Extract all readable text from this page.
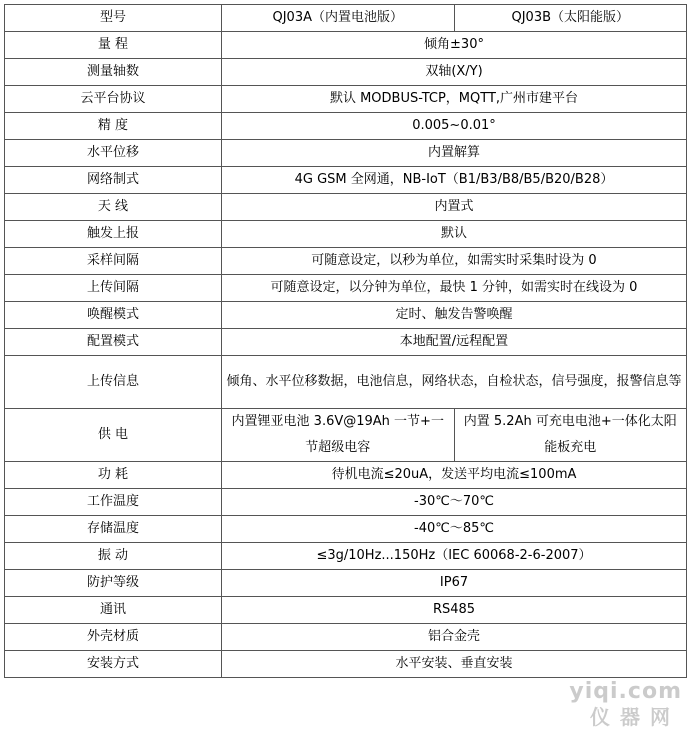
型号	QJ03A（内置电池版）	QJ03B（太阳能版）
量 程	倾角±30°	
测量轴数	双轴(X/Y)	
云平台协议	默认 MODBUS-TCP，MQTT,广州市建平台	
精 度	0.005~0.01°	
水平位移	内置解算	
网络制式	4G GSM 全网通，NB-IoT（B1/B3/B8/B5/B20/B28）	
天 线	内置式	
触发上报	默认	
采样间隔	可随意设定，以秒为单位，如需实时采集时设为 0	
上传间隔	可随意设定，以分钟为单位，最快 1 分钟，如需实时在线设为 0	
唤醒模式	定时、触发告警唤醒	
配置模式	本地配置/远程配置	
上传信息	倾角、水平位移数据，电池信息，网络状态，自检状态，信号强度，报警信息等	
供 电	内置锂亚电池 3.6V@19Ah 一节+一节超级电容	内置 5.2Ah 可充电电池+一体化太阳能板充电
功 耗	待机电流≤20uA，发送平均电流≤100mA	
工作温度	-30℃～70℃	
存储温度	-40℃～85℃	
振 动	≤3g/10Hz...150Hz（IEC 60068-2-6-2007）	
防护等级	IP67	
通讯	RS485	
外壳材质	铝合金壳	
安装方式	水平安装、垂直安装	
yiqi.com
仪器网
